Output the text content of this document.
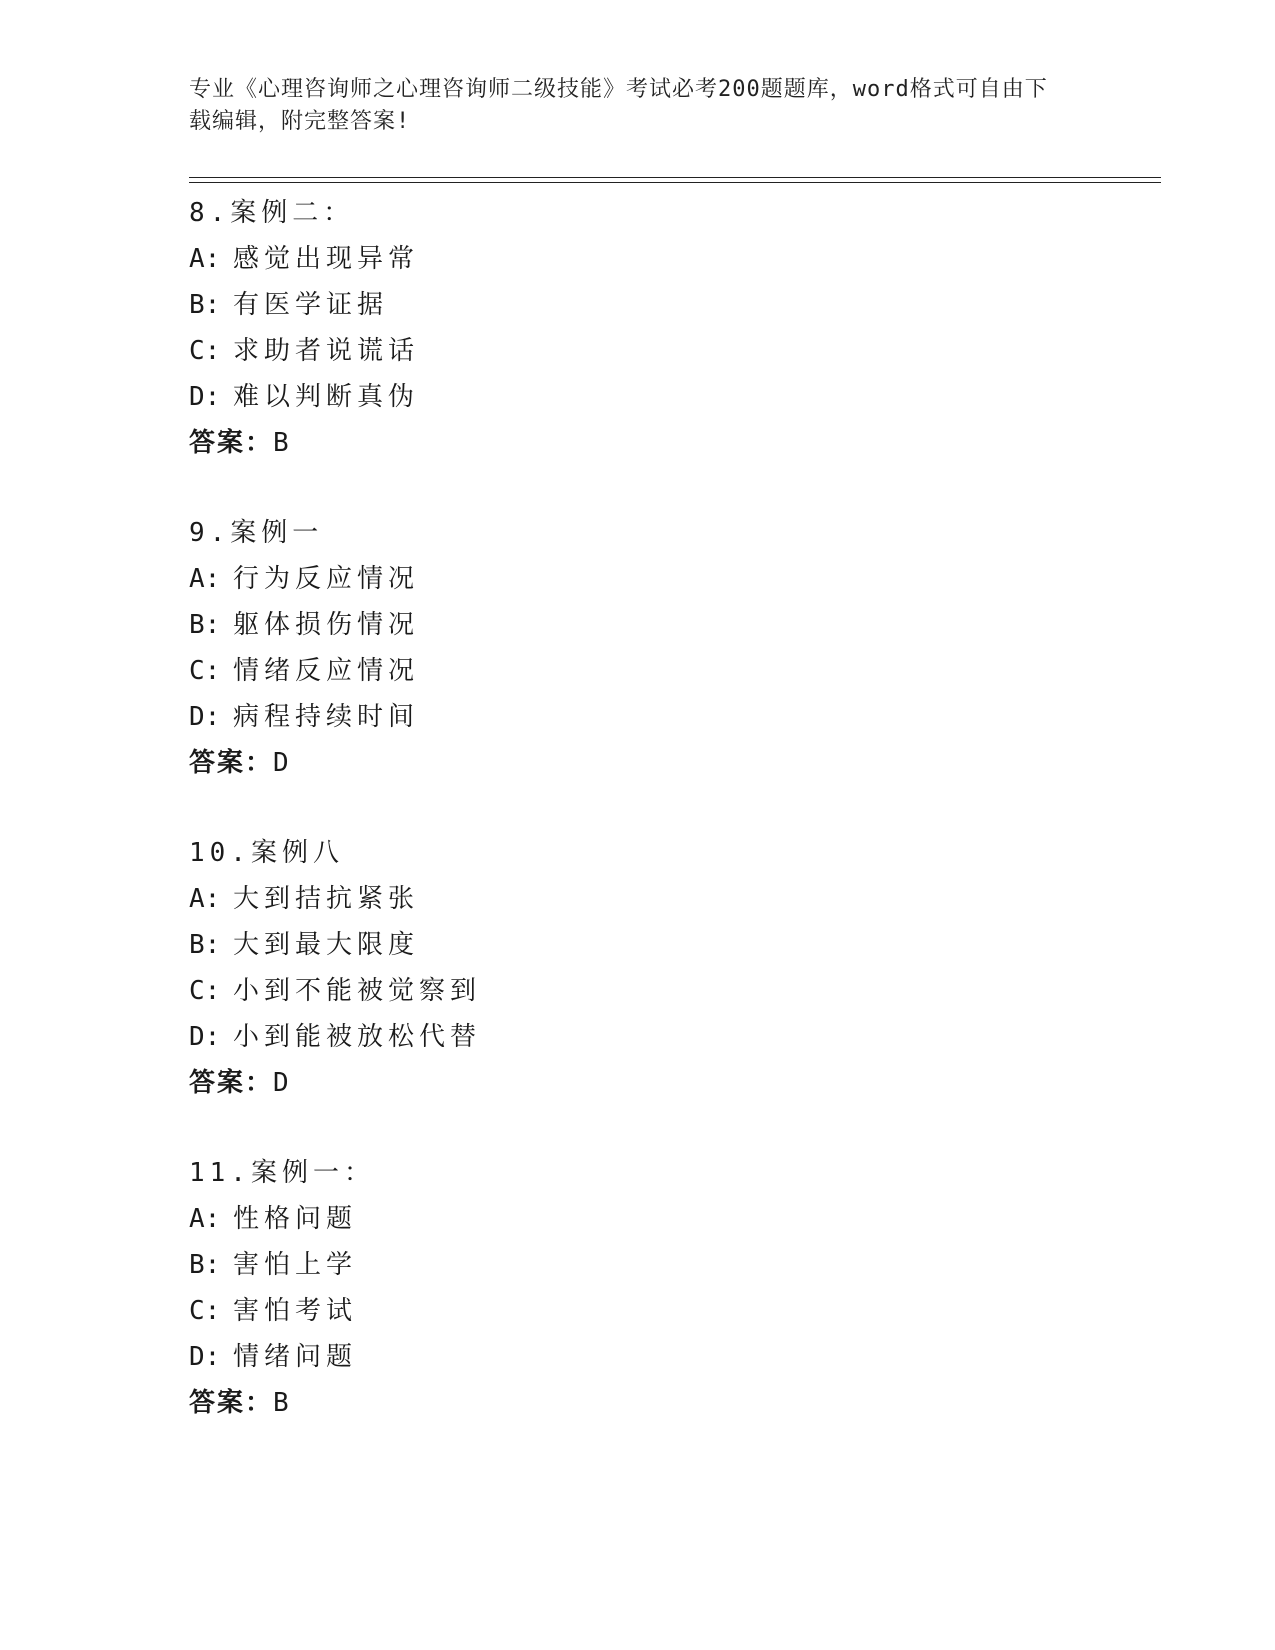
专业《心理咨询师之心理咨询师二级技能》考试必考200题题库，word格式可自由下载编辑，附完整答案!
8.案例二：
A: 感觉出现异常
B: 有医学证据
C: 求助者说谎话
D: 难以判断真伪
答案：B
9.案例一
A: 行为反应情况
B: 躯体损伤情况
C: 情绪反应情况
D: 病程持续时间
答案：D
10.案例八
A: 大到拮抗紧张
B: 大到最大限度
C: 小到不能被觉察到
D: 小到能被放松代替
答案：D
11.案例一：
A: 性格问题
B: 害怕上学
C: 害怕考试
D: 情绪问题
答案：B
